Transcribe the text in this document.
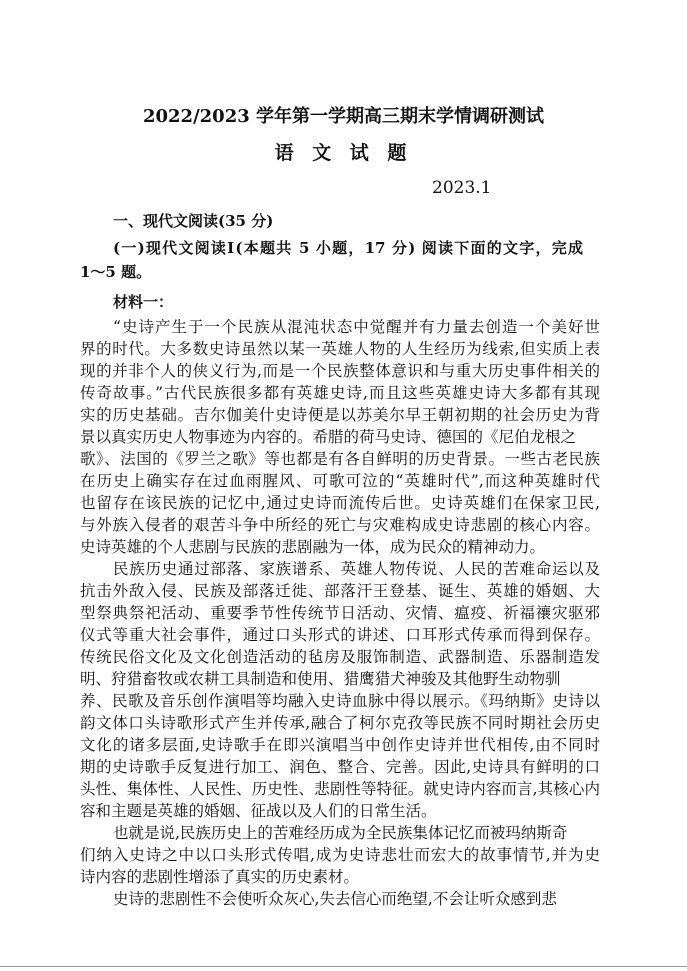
2022/2023 学年第一学期高三期末学情调研测试
语 文 试 题
2023.1
一、现代文阅读(35 分)
(一)现代文阅读Ⅰ(本题共 5 小题，17 分) 阅读下面的文字，完成
1～5 题。
材料一：
“史诗产生于一个民族从混沌状态中觉醒并有力量去创造一个美好世
界的时代。大多数史诗虽然以某一英雄人物的人生经历为线索,但实质上表
现的并非个人的侠义行为,而是一个民族整体意识和与重大历史事件相关的
传奇故事。”古代民族很多都有英雄史诗,而且这些英雄史诗大多都有其现
实的历史基础。吉尔伽美什史诗便是以苏美尔早王朝初期的社会历史为背
景以真实历史人物事迹为内容的。希腊的荷马史诗、德国的《尼伯龙根之
歌》、法国的《罗兰之歌》等也都是有各自鲜明的历史背景。一些古老民族
在历史上确实存在过血雨腥风、可歌可泣的“英雄时代”,而这种英雄时代
也留存在该民族的记忆中,通过史诗而流传后世。史诗英雄们在保家卫民,
与外族入侵者的艰苦斗争中所经的死亡与灾难构成史诗悲剧的核心内容。
史诗英雄的个人悲剧与民族的悲剧融为一体，成为民众的精神动力。
民族历史通过部落、家族谱系、英雄人物传说、人民的苦难命运以及
抗击外敌入侵、民族及部落迁徙、部落汗王登基、诞生、英雄的婚姻、大
型祭典祭祀活动、重要季节性传统节日活动、灾情、瘟疫、祈福禳灾驱邪
仪式等重大社会事件，通过口头形式的讲述、口耳形式传承而得到保存。
传统民俗文化及文化创造活动的毡房及服饰制造、武器制造、乐器制造发
明、狩猎畜牧或农耕工具制造和使用、猎鹰猎犬神骏及其他野生动物驯
养、民歌及音乐创作演唱等均融入史诗血脉中得以展示。《玛纳斯》史诗以
韵文体口头诗歌形式产生并传承,融合了柯尔克孜等民族不同时期社会历史
文化的诸多层面,史诗歌手在即兴演唱当中创作史诗并世代相传,由不同时
期的史诗歌手反复进行加工、润色、整合、完善。因此,史诗具有鲜明的口
头性、集体性、人民性、历史性、悲剧性等特征。就史诗内容而言,其核心内
容和主题是英雄的婚姻、征战以及人们的日常生活。
也就是说,民族历史上的苦难经历成为全民族集体记忆而被玛纳斯奇
们纳入史诗之中以口头形式传唱,成为史诗悲壮而宏大的故事情节,并为史
诗内容的悲剧性增添了真实的历史素材。
史诗的悲剧性不会使听众灰心,失去信心而绝望,不会让听众感到悲
